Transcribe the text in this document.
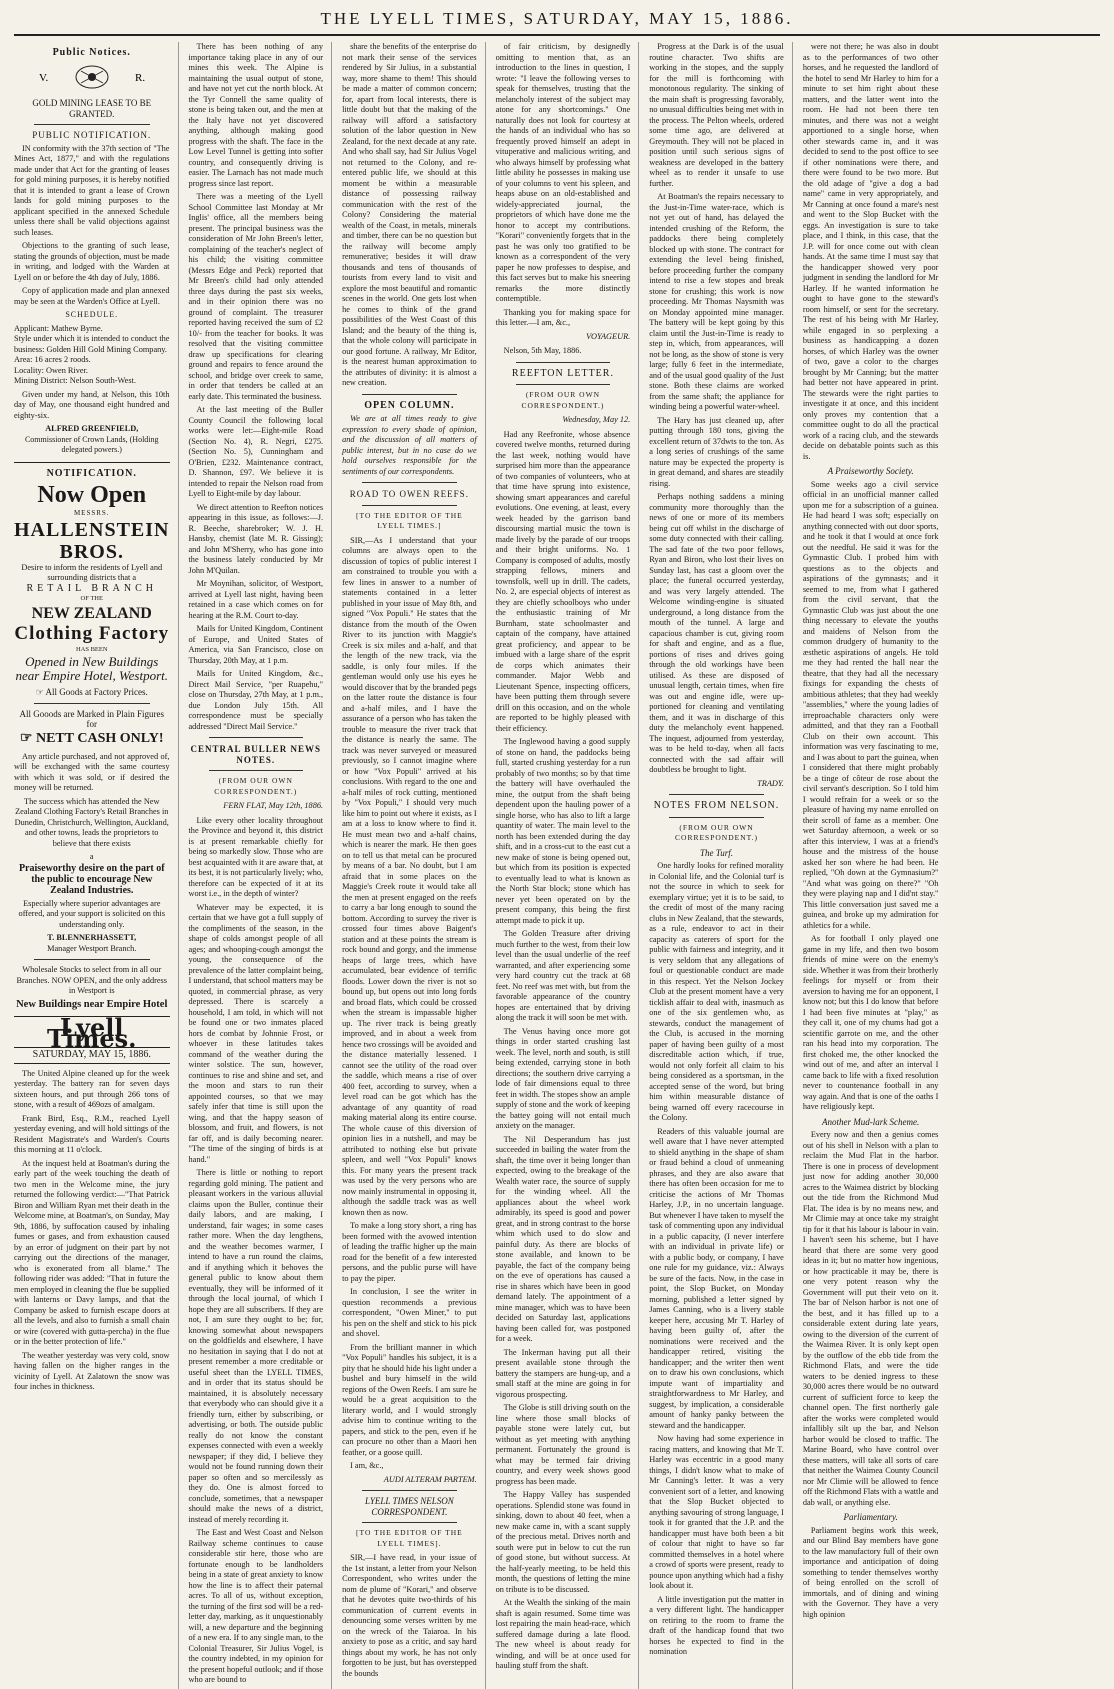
THE LYELL TIMES, SATURDAY, MAY 15, 1886.
Public Notices.
V.	R.
GOLD MINING LEASE TO BE GRANTED.
PUBLIC NOTIFICATION.

IN conformity with the 37th section of "The Mines Act, 1877," and with the regulations made under that Act for the granting of leases for gold mining purposes, it is hereby notified that it is intended to grant a lease of Crown lands for gold mining purposes to the applicant specified in the annexed Schedule unless there shall be valid objections against such leases.

Objections to the granting of such lease, stating the grounds of objection, must be made in writing, and lodged with the Warden at Lyell on or before the 4th day of July, 1886.

Copy of application made and plan annexed may be seen at the Warden's Office at Lyell.

SCHEDULE.

Applicant: Mathew Byrne.

Style under which it is intended to conduct the business: Golden Hill Gold Mining Company.

Area: 16 acres 2 roods.

Locality: Owen River.

Mining District: Nelson South-West.

Given under my hand, at Nelson, this 10th day of May, one thousand eight hundred and eighty-six.

ALFRED GREENFIELD,
Commissioner of Crown Lands, (Holding delegated powers.)
NOTIFICATION.
Now Open
MESSRS.
HALLENSTEIN BROS.
Desire to inform the residents of Lyell and surrounding districts that a
RETAIL BRANCH
OF THE
NEW ZEALAND
Clothing Factory
HAS BEEN
Opened in New Buildings near Empire Hotel, Westport.
☞ All Goods at Factory Prices.
All Gooods are Marked in Plain Figures for
☞ NETT CASH ONLY!

Any article purchased, and not approved of, will be exchanged with the same courtesy with which it was sold, or if desired the money will be returned.

The success which has attended the New Zealand Clothing Factory's Retail Branches in Dunedin, Christchurch, Wellington, Auckland, and other towns, leads the proprietors to believe that there exists

a
Praiseworthy desire on the part of the public to encourage New Zealand Industries.

Especially where superior advantages are offered, and your support is solicited on this understanding only.

T. BLENNERHASSETT,
Manager Westport Branch.

Wholesale Stocks to select from in all our Branches. NOW OPEN, and the only address in Westport is

New Buildings near Empire Hotel
Lyell Times.
SATURDAY, MAY 15, 1886.

The United Alpine cleaned up for the week yesterday. The battery ran for seven days sixteen hours, and put through 266 tons of stone, with a result of 469ozs of amalgam.

Frank Bird, Esq., R.M., reached Lyell yesterday evening, and will hold sittings of the Resident Magistrate's and Warden's Courts this morning at 11 o'clock.

At the inquest held at Boatman's during the early part of the week touching the death of two men in the Welcome mine, the jury returned the following verdict:—"That Patrick Biron and William Ryan met their death in the Welcome mine, at Boatman's, on Sunday, May 9th, 1886, by suffocation caused by inhaling fumes or gases, and from exhaustion caused by an error of judgment on their part by not carrying out the directions of the manager, who is exonerated from all blame." The following rider was added: "That in future the men employed in cleaning the flue be supplied with lanterns or Davy lamps, and that the Company be asked to furnish escape doors at all the levels, and also to furnish a small chain or wire (covered with gutta-percha) in the flue or in the better protection of life."

The weather yesterday was very cold, snow having fallen on the higher ranges in the vicinity of Lyell. At Zalatown the snow was four inches in thickness.

There has been nothing of any importance taking place in any of our mines this week. The Alpine is maintaining the usual output of stone, and have not yet cut the north block. At the Tyr Connell the same quality of stone is being taken out, and the men at the Italy have not yet discovered anything, although making good progress with the shaft. The face in the Low Level Tunnel is getting into softer country, and consequently driving is easier. The Larnach has not made much progress since last report.

There was a meeting of the Lyell School Committee last Monday at Mr Inglis' office, all the members being present. The principal business was the consideration of Mr John Breen's letter, complaining of the teacher's neglect of his child; the visiting committee (Messrs Edge and Peck) reported that Mr Breen's child had only attended three days during the past six weeks, and in their opinion there was no ground of complaint. The treasurer reported having received the sum of £2 10/- from the teacher for books. It was resolved that the visiting committee draw up specifications for clearing ground and repairs to fence around the school, and bridge over creek to same, in order that tenders be called at an early date. This terminated the business.

At the last meeting of the Buller County Council the following local works were let:—Eight-mile Road (Section No. 4), R. Negri, £275. (Section No. 5), Cunningham and O'Brien, £232. Maintenance contract, D. Shannon, £97. We believe it is intended to repair the Nelson road from Lyell to Eight-mile by day labour.

We direct attention to Reefton notices appearing in this issue, as follows:—J. R. Beeche, sharebroker; W. J. H. Hansby, chemist (late M. R. Gissing); and John M'Sherry, who has gone into the business lately conducted by Mr John M'Quilan.

Mr Moynihan, solicitor, of Westport, arrived at Lyell last night, having been retained in a case which comes on for hearing at the R.M. Court to-day.

Mails for United Kingdom, Continent of Europe, and United States of America, via San Francisco, close on Thursday, 20th May, at 1 p.m.

Mails for United Kingdom, &c., Direct Mail Service, "per Ruapehu," close on Thursday, 27th May, at 1 p.m., due London July 15th. All correspondence must be specially addressed "Direct Mail Service."

CENTRAL BULLER NEWS NOTES.
(FROM OUR OWN CORRESPONDENT.)
FERN FLAT, May 12th, 1886.

Like every other locality throughout the Province and beyond it, this district is at present remarkable chiefly for being so markedly slow. Those who are best acquainted with it are aware that, at its best, it is not particularly lively; who, therefore can be expected of it at its worst i.e., in the depth of winter?

Whatever may be expected, it is certain that we have got a full supply of the compliments of the season, in the shape of colds amongst people of all ages; and whooping-cough amongst the young, the consequence of the prevalence of the latter complaint being, I understand, that school matters may be quoted, in commercial phrase, as very depressed. There is scarcely a household, I am told, in which will not be found one or two inmates placed hors de combat by Johnnie Frost, or whoever in these latitudes takes command of the weather during the winter solstice. The sun, however, continues to rise and shine and set, and the moon and stars to run their appointed courses, so that we may safely infer that time is still upon the wing, and that the happy season of blossom, and fruit, and flowers, is not far off, and is daily becoming nearer. "The time of the singing of birds is at hand."

There is little or nothing to report regarding gold mining. The patient and pleasant workers in the various alluvial claims upon the Buller, continue their daily labors, and are making, I understand, fair wages; in some cases rather more. When the day lengthens, and the weather becomes warmer, I intend to have a run round the claims, and if anything which it behoves the general public to know about them eventually, they will be informed of it through the local journal, of which I hope they are all subscribers. If they are not, I am sure they ought to be; for, knowing somewhat about newspapers on the goldfields and elsewhere, I have no hesitation in saying that I do not at present remember a more creditable or useful sheet than the LYELL TIMES, and in order that its status should be maintained, it is absolutely necessary that everybody who can should give it a friendly turn, either by subscribing, or advertising, or both. The outside public really do not know the constant expenses connected with even a weekly newspaper; if they did, I believe they would not be found running down their paper so often and so mercilessly as they do. One is almost forced to conclude, sometimes, that a newspaper should make the news of a district, instead of merely recording it.

The East and West Coast and Nelson Railway scheme continues to cause considerable stir here, those who are fortunate enough to be landholders being in a state of great anxiety to know how the line is to affect their paternal acres. To all of us, without exception, the turning of the first sod will be a red-letter day, marking, as it unquestionably will, a new departure and the beginning of a new era. If to any single man, to the Colonial Treasurer, Sir Julius Vogel, is the country indebted, in my opinion for the present hopeful outlook; and if those who are bound to

share the benefits of the enterprise do not mark their sense of the services rendered by Sir Julius, in a substantial way, more shame to them! This should be made a matter of common concern; for, apart from local interests, there is little doubt but that the making of the railway will afford a satisfactory solution of the labor question in New Zealand, for the next decade at any rate. And who shall say, had Sir Julius Vogel not returned to the Colony, and re-entered public life, we should at this moment be within a measurable distance of possessing railway communication with the rest of the Colony? Considering the material wealth of the Coast, in metals, minerals and timber, there can be no question but the railway will become amply remunerative; besides it will draw thousands and tens of thousands of tourists from every land to visit and explore the most beautiful and romantic scenes in the world. One gets lost when he comes to think of the grand possibilities of the West Coast of this Island; and the beauty of the thing is, that the whole colony will participate in our good fortune. A railway, Mr Editor, is the nearest human approximation to the attributes of divinity: it is almost a new creation.

OPEN COLUMN.

We are at all times ready to give expression to every shade of opinion, and the discussion of all matters of public interest, but in no case do we hold ourselves responsible for the sentiments of our correspondents.

ROAD TO OWEN REEFS.
[TO THE EDITOR OF THE LYELL TIMES.]

SIR,—As I understand that your columns are always open to the discussion of topics of public interest I am constrained to trouble you with a few lines in answer to a number of statements contained in a letter published in your issue of May 8th, and signed "Vox Populi." He states that the distance from the mouth of the Owen River to its junction with Maggie's Creek is six miles and a-half, and that the length of the new track, via the saddle, is only four miles. If the gentleman would only use his eyes he would discover that by the branded pegs on the latter route the distance is four and a-half miles, and I have the assurance of a person who has taken the trouble to measure the river track that the distance is nearly the same. The track was never surveyed or measured previously, so I cannot imagine where or how "Vox Populi" arrived at his conclusions. With regard to the one and a-half miles of rock cutting, mentioned by "Vox Populi," I should very much like him to point out where it exists, as I am at a loss to know where to find it. He must mean two and a-half chains, which is nearer the mark. He then goes on to tell us that metal can be procured by means of a bar. No doubt, but I am afraid that in some places on the Maggie's Creek route it would take all the men at present engaged on the reefs to carry a bar long enough to sound the bottom. According to survey the river is crossed four times above Baigent's station and at these points the stream is rock bound and gorgy, and the immense heaps of large trees, which have accumulated, bear evidence of terrific floods. Lower down the river is not so bound up, but opens out into long fords and broad flats, which could be crossed when the stream is impassable higher up. The river track is being greatly improved, and in about a week from hence two crossings will be avoided and the distance materially lessened. I cannot see the utility of the road over the saddle, which means a rise of over 400 feet, according to survey, when a level road can be got which has the advantage of any quantity of road making material along its entire course. The whole cause of this diversion of opinion lies in a nutshell, and may be attributed to nothing else but private spleen, and well "Vox Populi" knows this. For many years the present track was used by the very persons who are now mainly instrumental in opposing it, although the saddle track was as well known then as now.

To make a long story short, a ring has been formed with the avowed intention of leading the traffic higher up the main road for the benefit of a few interested persons, and the public purse will have to pay the piper.

In conclusion, I see the writer in question recommends a previous correspondent, "Owen Miner," to put his pen on the shelf and stick to his pick and shovel.

From the brilliant manner in which "Vox Populi" handles his subject, it is a pity that he should hide his light under a bushel and bury himself in the wild regions of the Owen Reefs. I am sure he would be a great acquisition to the literary world, and I would strongly advise him to continue writing to the papers, and stick to the pen, even if he can procure no other than a Maori hen feather, or a goose quill.

I am, &c.,

AUDI ALTERAM PARTEM.
LYELL TIMES NELSON CORRESPONDENT.
[TO THE EDITOR OF THE LYELL TIMES].

SIR,—I have read, in your issue of the 1st instant, a letter from your Nelson Correspondent, who writes under the nom de plume of "Korari," and observe that he devotes quite two-thirds of his communication of current events in denouncing some verses written by me on the wreck of the Taiaroa. In his anxiety to pose as a critic, and say hard things about my work, he has not only forgotten to be just, but has overstepped the bounds

of fair criticism, by designedly omitting to mention that, as an introduction to the lines in question, I wrote: "I leave the following verses to speak for themselves, trusting that the melancholy interest of the subject may atone for any shortcomings." One naturally does not look for courtesy at the hands of an individual who has so frequently proved himself an adept in vituperative and malicious writing, and who always himself by professing what little ability he possesses in making use of your columns to vent his spleen, and heaps abuse on an old-established and widely-appreciated journal, the proprietors of which have done me the honor to accept my contributions. "Korari" conveniently forgets that in the past he was only too gratified to be known as a correspondent of the very paper he now professes to despise, and this fact serves but to make his sneering remarks the more distinctly contemptible.

Thanking you for making space for this letter.—I am, &c.,

VOYAGEUR.

Nelson, 5th May, 1886.

REEFTON LETTER.
(FROM OUR OWN CORRESPONDENT.)
Wednesday, May 12.

Had any Reefronite, whose absence covered twelve months, returned during the last week, nothing would have surprised him more than the appearance of two companies of volunteers, who at that time have sprung into existence, showing smart appearances and careful evolutions. One evening, at least, every week headed by the garrison band discoursing martial music the town is made lively by the parade of our troops and their bright uniforms. No. 1 Company is composed of adults, mostly strapping fellows, miners and townsfolk, well up in drill. The cadets, No. 2, are especial objects of interest as they are chiefly schoolboys who under the enthusiastic training of Mr Burnham, state schoolmaster and captain of the company, have attained great proficiency, and appear to be imbued with a large share of the esprit de corps which animates their commander. Major Webb and Lieutenant Spence, inspecting officers, have been putting them through severe drill on this occasion, and on the whole are reported to be highly pleased with their efficiency.

The Inglewood having a good supply of stone on hand, the paddocks being full, started crushing yesterday for a run probably of two months; so by that time the battery will have overhauled the mine, the output from the shaft being dependent upon the hauling power of a single horse, who has also to lift a large quantity of water. The main level to the north has been extended during the day shift, and in a cross-cut to the east cut a new make of stone is being opened out, but which from its position is expected to eventually lead to what is known as the North Star block; stone which has never yet been operated on by the present company, this being the first attempt made to pick it up.

The Golden Treasure after driving much further to the west, from their low level than the usual underlie of the reef warranted, and after experiencing some very hard country cut the track at 68 feet. No reef was met with, but from the favorable appearance of the country hopes are entertained that by driving along the track it will soon be met with.

The Venus having once more got things in order started crushing last week. The level, north and south, is still being extended, carrying stone in both directions; the southern drive carrying a lode of fair dimensions equal to three feet in width. The stopes show an ample supply of stone and the work of keeping the battey going will not entail much anxiety on the manager.

The Nil Desperandum has just succeeded in bailing the water from the shaft, the time over it being longer than expected, owing to the breakage of the Wealth water race, the source of supply for the winding wheel. All the appliances about the wheel work admirably, its speed is good and power great, and in strong contrast to the horse whim which used to do slow and painful duty. As there are blocks of stone available, and known to be payable, the fact of the company being on the eve of operations has caused a rise in shares which have been in good demand lately. The appointment of a mine manager, which was to have been decided on Saturday last, applications having been called for, was postponed for a week.

The Inkerman having put all their present available stone through the battery the stampers are hung-up, and a small staff at the mine are going in for vigorous prospecting.

The Globe is still driving south on the line where those small blocks of payable stone were lately cut, but without as yet meeting with anything permanent. Fortunately the ground is what may be termed fair driving country, and every week shows good progress has been made.

The Happy Valley has suspended operations. Splendid stone was found in sinking, down to about 40 feet, when a new make came in, with a scant supply of the precious metal. Drives north and south were put in below to cut the run of good stone, but without success. At the half-yearly meeting, to be held this month, the questions of letting the mine on tribute is to be discussed.

At the Wealth the sinking of the main shaft is again resumed. Some time was lost repairing the main head-race, which suffered damage during a late flood. The new wheel is about ready for winding, and will be at once used for hauling stuff from the shaft.

Progress at the Dark is of the usual routine character. Two shifts are working in the stopes, and the supply for the mill is forthcoming with monotonous regularity. The sinking of the main shaft is progressing favorably, no unusual difficulties being met with in the process. The Pelton wheels, ordered some time ago, are delivered at Greymouth. They will not be placed in position until such serious signs of weakness are developed in the battery wheel as to render it unsafe to use further.

At Boatman's the repairs necessary to the Just-in-Time water-race, which is not yet out of hand, has delayed the intended crushing of the Reform, the paddocks there being completely blocked up with stone. The contract for extending the level being finished, before proceeding further the company intend to rise a few stopes and break stone for crushing; this work is now proceeding. Mr Thomas Naysmith was on Monday appointed mine manager. The battery will be kept going by this claim until the Just-in-Time is ready to step in, which, from appearances, will not be long, as the show of stone is very large; fully 6 feet in the intermediate, and of the usual good quality of the Just stone. Both these claims are worked from the same shaft; the appliance for winding being a powerful water-wheel.

The Hary has just cleaned up, after putting through 180 tons, giving the excellent return of 37dwts to the ton. As a long series of crushings of the same nature may be expected the property is in great demand, and shares are steadily rising.

Perhaps nothing saddens a mining community more thoroughly than the news of one or more of its members being cut off whilst in the discharge of some duty connected with their calling. The sad fate of the two poor fellows, Ryan and Biron, who lost their lives on Sunday last, has cast a gloom over the place; the funeral occurred yesterday, and was very largely attended. The Welcome winding-engine is situated underground, a long distance from the mouth of the tunnel. A large and capacious chamber is cut, giving room for shaft and engine, and as a flue, portions of rises and drives going through the old workings have been utilised. As these are disposed of unusual length, certain times, when fire was out and engine idle, were up-portioned for cleaning and ventilating them, and it was in discharge of this duty the melancholy event happened. The inquest, adjourned from yesterday, was to be held to-day, when all facts connected with the sad affair will doubtless be brought to light.

TRADY.
NOTES FROM NELSON.
(FROM OUR OWN CORRESPONDENT.)
The Turf.

One hardly looks for refined morality in Colonial life, and the Colonial turf is not the source in which to seek for exemplary virtue; yet it is to be said, to the credit of most of the many racing clubs in New Zealand, that the stewards, as a rule, endeavor to act in their capacity as caterers of sport for the public with fairness and integrity, and it is very seldom that any allegations of foul or questionable conduct are made in this respect. Yet the Nelson Jockey Club at the present moment have a very ticklish affair to deal with, inasmuch as one of the six gentlemen who, as stewards, conduct the management of the Club, is accused in the morning paper of having been guilty of a most discreditable action which, if true, would not only forfeit all claim to his being considered as a sportsman, in the accepted sense of the word, but bring him within measurable distance of being warned off every racecourse in the Colony.

Readers of this valuable journal are well aware that I have never attempted to shield anything in the shape of sham or fraud behind a cloud of unmeaning phrases, and they are also aware that there has often been occasion for me to criticise the actions of Mr Thomas Harley, J.P., in no uncertain language. But whenever I have taken to myself the task of commenting upon any individual in a public capacity, (I never interfere with an individual in private life) or with a public body, or company, I have one rule for my guidance, viz.: Always be sure of the facts. Now, in the case in point, the Slop Bucket, on Monday morning, published a letter signed by James Canning, who is a livery stable keeper here, accusing Mr T. Harley of having been guilty of, after the nominations were received and the handicapper retired, visiting the handicapper; and the writer then went on to draw his own conclusions, which impute want of impartiality and straightforwardness to Mr Harley, and suggest, by implication, a considerable amount of hanky panky between the steward and the handicapper.

Now having had some experience in racing matters, and knowing that Mr T. Harley was eccentric in a good many things, I didn't know what to make of Mr Canning's letter. It was a very convenient sort of a letter, and knowing that the Slop Bucket objected to anything savouring of strong language, I took it for granted that the J.P. and the handicapper must have both been a bit of colour that night to have so far committed themselves in a hotel where a crowd of sports were present, ready to pounce upon anything which had a fishy look about it.

A little investigation put the matter in a very different light. The handicapper on retiring to the room to frame the draft of the handicap found that two horses he expected to find in the nomination

were not there; he was also in doubt as to the performances of two other horses, and he requested the landlord of the hotel to send Mr Harley to him for a minute to set him right about these matters, and the latter went into the room. He had not been there ten minutes, and there was not a weight apportioned to a single horse, when other stewards came in, and it was decided to send to the post office to see if other nominations were there, and there were found to be two more. But the old adage of "give a dog a bad name" came in very appropriately, and Mr Canning at once found a mare's nest and went to the Slop Bucket with the eggs. An investigation is sure to take place, and I think, in this case, that the J.P. will for once come out with clean hands. At the same time I must say that the handicapper showed very poor judgment in sending the landlord for Mr Harley. If he wanted information he ought to have gone to the steward's room himself, or sent for the secretary. The rest of his being with Mr Harley, while engaged in so perplexing a business as handicapping a dozen horses, of which Harley was the owner of two, gave a color to the charges brought by Mr Canning; but the matter had better not have appeared in print. The stewards were the right parties to investigate it at once, and this incident only proves my contention that a committee ought to do all the practical work of a racing club, and the stewards decide on debatable points such as this is.

A Praiseworthy Society.

Some weeks ago a civil service official in an unofficial manner called upon me for a subscription of a guinea. He had heard I was soft; especially on anything connected with out door sports, and he took it that I would at once fork out the needful. He said it was for the Gymnastic Club. I probed him with questions as to the objects and aspirations of the gymnasts; and it seemed to me, from what I gathered from the civil servant, that the Gymnastic Club was just about the one thing necessary to elevate the youths and maidens of Nelson from the common drudgery of humanity to the æsthetic aspirations of angels. He told me they had rented the hall near the theatre, that they had all the necessary fixings for expanding the chests of ambitious athletes; that they had weekly "assemblies," where the young ladies of irreproachable characters only were admitted, and that they ran a Football Club on their own account. This information was very fascinating to me, and I was about to part the guinea, when I considered that there might probably be a tinge of côteur de rose about the civil servant's description. So I told him I would refrain for a week or so the pleasure of having my name enrolled on their scroll of fame as a member. One wet Saturday afternoon, a week or so after this interview, I was at a friend's house and the mistress of the house asked her son where he had been. He replied, "Oh down at the Gymnasium?" "And what was going on there?" "Oh they were playing nap and I did'nt stay." This little conversation just saved me a guinea, and broke up my admiration for athletics for a while.

As for football I only played one game in my life, and then two bosom friends of mine were on the enemy's side. Whether it was from their brotherly feelings for myself or from their aversion to having me for an opponent, I know not; but this I do know that before I had been five minutes at "play," as they call it, one of my chums had got a scientific garrote on me, and the other ran his head into my corporation. The first choked me, the other knocked the wind out of me, and after an interval I came back to life with a fixed resolution never to countenance football in any way again. And that is one of the oaths I have religiously kept.

Another Mud-lark Scheme.

Every now and then a genius comes out of his shell in Nelson with a plan to reclaim the Mud Flat in the harbor. There is one in process of development just now for adding another 30,000 acres to the Waimea district by blocking out the tide from the Richmond Mud Flat. The idea is by no means new, and Mr Climie may at once take my straight tip for it that his labour is labour in vain. I haven't seen his scheme, but I have heard that there are some very good ideas in it; but no matter how ingenious, or how practicable it may be, there is one very potent reason why the Government will put their veto on it. The bar of Nelson harbor is not one of the best, and it has filled up to a considerable extent during late years, owing to the diversion of the current of the Waimea River. It is only kept open by the outflow of the ebb tide from the Richmond Flats, and were the tide waters to be denied ingress to these 30,000 acres there would be no outward current of sufficient force to keep the channel open. The first northerly gale after the works were completed would infallibly silt up the bar, and Nelson harbor would be closed to traffic. The Marine Board, who have control over these matters, will take all sorts of care that neither the Waimea County Council nor Mr Climie will be allowed to fence off the Richmond Flats with a wattle and dab wall, or anything else.

Parliamentary.

Parliament begins work this week, and our Blind Bay members have gone to the law manufactory full of their own importance and anticipation of doing something to tender themselves worthy of being enrolled on the scroll of immortals, and of dining and wining with the Governor. They have a very high opinion
